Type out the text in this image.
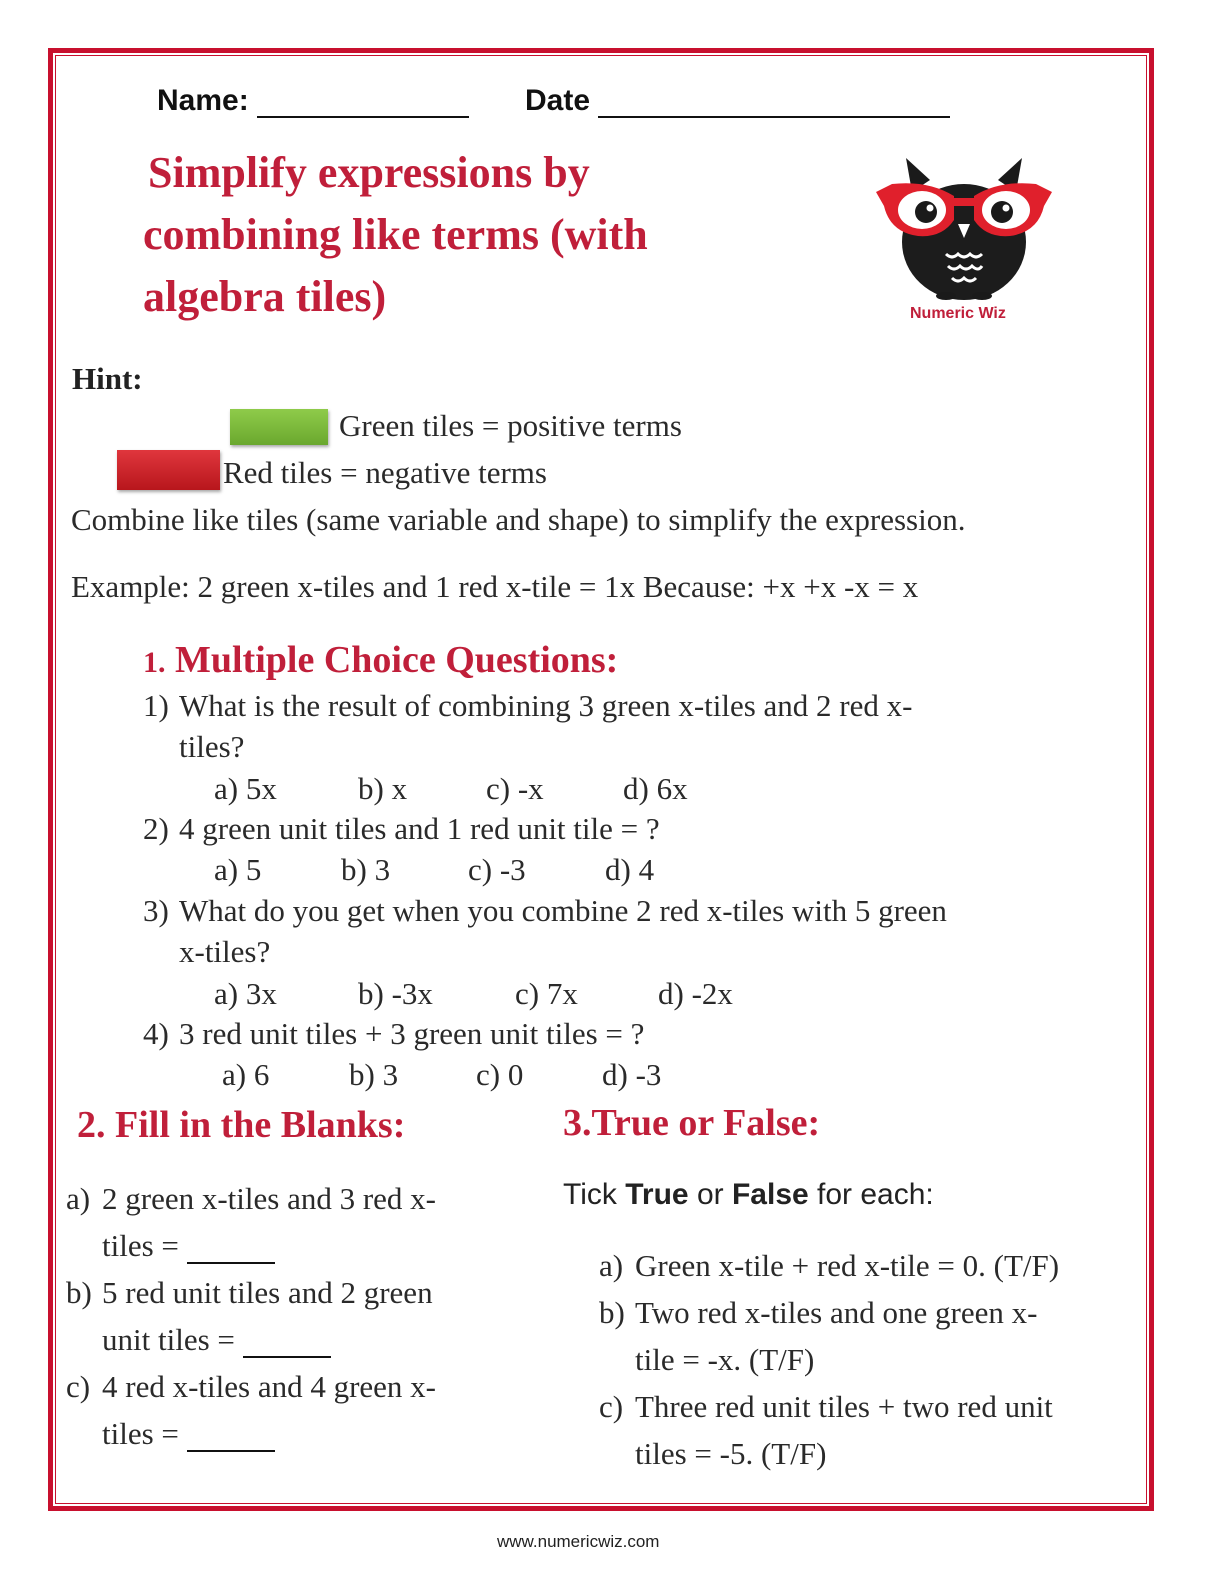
Name:	Date
Simplify expressions by
combining like terms (with
algebra tiles)	Numeric Wiz
Hint:
Green tiles = positive terms
Red tiles = negative terms
Combine like tiles (same variable and shape) to simplify the expression.
Example: 2 green x-tiles and 1 red x-tile = 1x Because: +x +x -x = x
1. Multiple Choice Questions:
1) What is the result of combining 3 green x-tiles and 2 red x-
tiles?
a) 5x	b) x	c) -x	d) 6x
2) 4 green unit tiles and 1 red unit tile = ?
a) 5	b) 3	c) -3	d) 4
3) What do you get when you combine 2 red x-tiles with 5 green
x-tiles?
a) 3x	b) -3x	c) 7x	d) -2x
4) 3 red unit tiles + 3 green unit tiles = ?
a) 6	b) 3	c) 0	d) -3
2. Fill in the Blanks:
a) 2 green x-tiles and 3 red x-
tiles =
b) 5 red unit tiles and 2 green
unit tiles =
c) 4 red x-tiles and 4 green x-
tiles =
3.True or False:
Tick True or False for each:
a) Green x-tile + red x-tile = 0. (T/F)
b) Two red x-tiles and one green x-
tile = -x. (T/F)
c) Three red unit tiles + two red unit
tiles = -5. (T/F)
www.numericwiz.com
